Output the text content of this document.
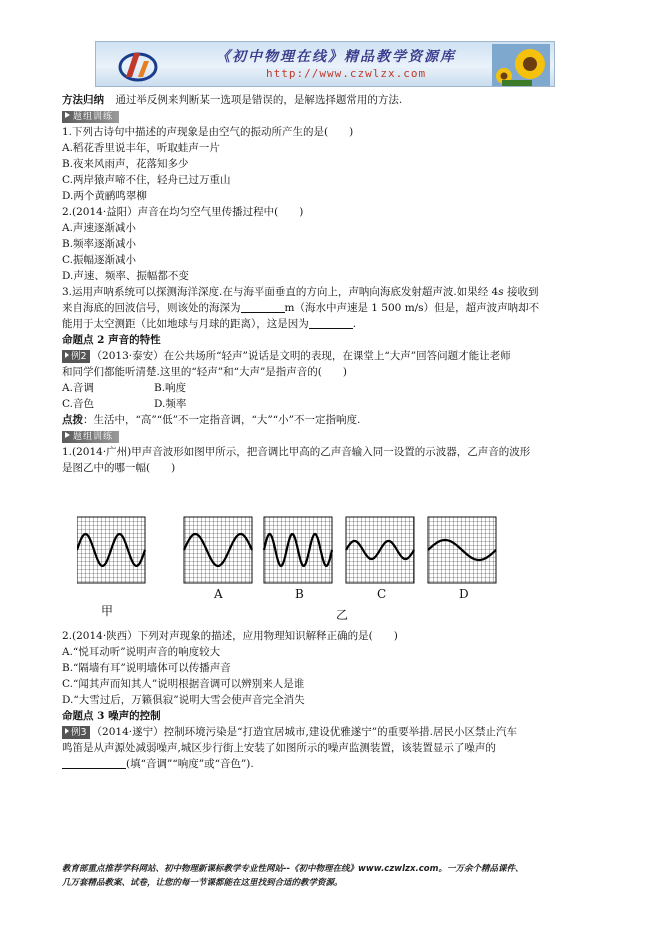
《初中物理在线》精品教学资源库
http://www.czwlzx.com
方法归纳 通过举反例来判断某一选项是错误的，是解选择题常用的方法.
题组训练
1.下列古诗句中描述的声现象是由空气的振动所产生的是(　　)
A.稻花香里说丰年，听取蛙声一片
B.夜来风雨声，花落知多少
C.两岸猿声啼不住，轻舟已过万重山
D.两个黄鹂鸣翠柳
2.(2014·益阳）声音在均匀空气里传播过程中(　　)
A.声速逐渐减小
B.频率逐渐减小
C.振幅逐渐减小
D.声速、频率、振幅都不变
3.运用声呐系统可以探测海洋深度.在与海平面垂直的方向上，声呐向海底发射超声波.如果经 4s 接收到
来自海底的回波信号，则该处的海深为	m（海水中声速是 1 500 m/s）但是，超声波声呐却不
能用于太空测距（比如地球与月球的距离），这是因为	.
命题点 2 声音的特性
例2 （2013·泰安）在公共场所“轻声”说话是文明的表现，在课堂上“大声”回答问题才能让老师
和同学们都能听清楚.这里的“轻声”和“大声”是指声音的(　　)
A.音调	B.响度
C.音色	D.频率
点拨：生活中，“高”“低”不一定指音调，“大”“小”不一定指响度.
题组训练
1.(2014·广州)甲声音波形如图甲所示，把音调比甲高的乙声音输入同一设置的示波器，乙声音的波形
是图乙中的哪一幅(　　)
甲
A	B	C	D
乙
2.(2014·陕西）下列对声现象的描述，应用物理知识解释正确的是(　　)
A.“悦耳动听”说明声音的响度较大
B.“隔墙有耳”说明墙体可以传播声音
C.“闻其声而知其人”说明根据音调可以辨别来人是谁
D.“大雪过后，万籁俱寂”说明大雪会使声音完全消失
命题点 3 噪声的控制
例3 （2014·遂宁）控制环境污染是“打造宜居城市,建设优雅遂宁”的重要举措.居民小区禁止汽车
鸣笛是从声源处减弱噪声,城区步行街上安装了如图所示的噪声监测装置，该装置显示了噪声的
(填“音调”“响度”或“音色”).
教育部重点推荐学科网站、初中物理新课标教学专业性网站--《初中物理在线》www.czwlzx.com。一万余个精品课件、
几万套精品教案、试卷，让您的每一节课都能在这里找到合适的教学资源。
